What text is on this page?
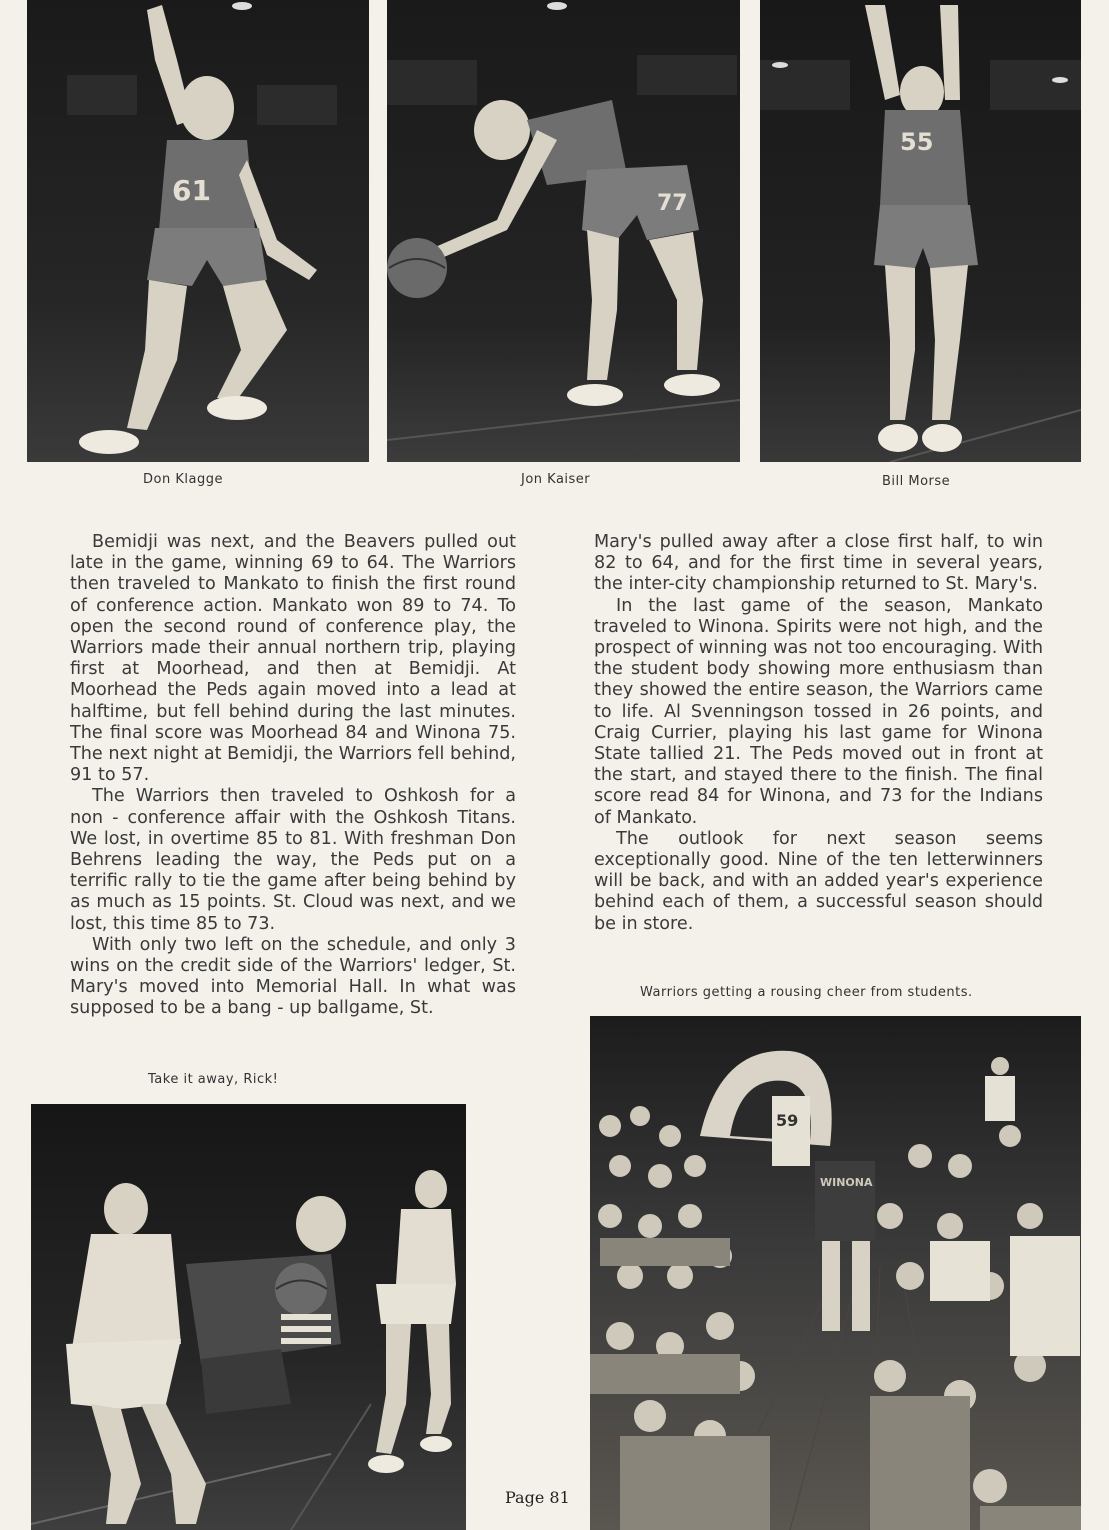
61
Don Klagge
77
Jon Kaiser
55
Bill Morse

Bemidji was next, and the Beavers pulled out late in the game, winning 69 to 64. The Warriors then traveled to Mankato to finish the first round of conference action. Mankato won 89 to 74. To open the second round of conference play, the Warriors made their annual northern trip, playing first at Moorhead, and then at Bemidji. At Moorhead the Peds again moved into a lead at halftime, but fell behind during the last minutes. The final score was Moorhead 84 and Winona 75. The next night at Bemidji, the Warriors fell behind, 91 to 57.

The Warriors then traveled to Oshkosh for a non - conference affair with the Oshkosh Titans. We lost, in overtime 85 to 81. With freshman Don Behrens leading the way, the Peds put on a terrific rally to tie the game after being behind by as much as 15 points. St. Cloud was next, and we lost, this time 85 to 73.

With only two left on the schedule, and only 3 wins on the credit side of the Warriors' ledger, St. Mary's moved into Memorial Hall. In what was supposed to be a bang - up ballgame, St.

Mary's pulled away after a close first half, to win 82 to 64, and for the first time in several years, the inter-city championship returned to St. Mary's.

In the last game of the season, Mankato traveled to Winona. Spirits were not high, and the prospect of winning was not too encouraging. With the student body showing more enthusiasm than they showed the entire season, the Warriors came to life. Al Svenningson tossed in 26 points, and Craig Currier, playing his last game for Winona State tallied 21. The Peds moved out in front at the start, and stayed there to the finish. The final score read 84 for Winona, and 73 for the Indians of Mankato.

The outlook for next season seems exceptionally good. Nine of the ten letterwinners will be back, and with an added year's experience behind each of them, a successful season should be in store.

Warriors getting a rousing cheer from students.
59
WINONA
Take it away, Rick!
Page 81
